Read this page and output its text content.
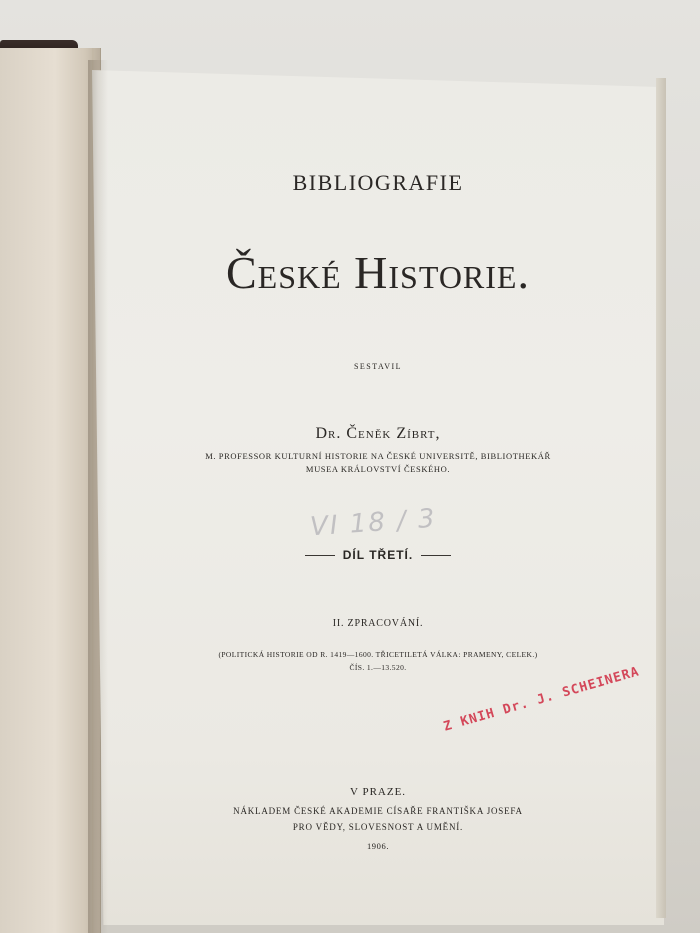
BIBLIOGRAFIE
České Historie.
SESTAVIL
Dr. Čeněk Zíbrt,
M. PROFESSOR KULTURNÍ HISTORIE NA ČESKÉ UNIVERSITĚ, BIBLIOTHEKÁŘ
MUSEA KRÁLOVSTVÍ ČESKÉHO.
DÍL TŘETÍ.
II. ZPRACOVÁNÍ.
(POLITICKÁ HISTORIE OD R. 1419—1600. TŘICETILETÁ VÁLKA: PRAMENY, CELEK.)
ČÍS. 1.—13.520.
V PRAZE.
NÁKLADEM ČESKÉ AKADEMIE CÍSAŘE FRANTIŠKA JOSEFA
PRO VĚDY, SLOVESNOST A UMĚNÍ.
1906.
VI 18 / 3
Z KNIH Dr. J. SCHEINERA
